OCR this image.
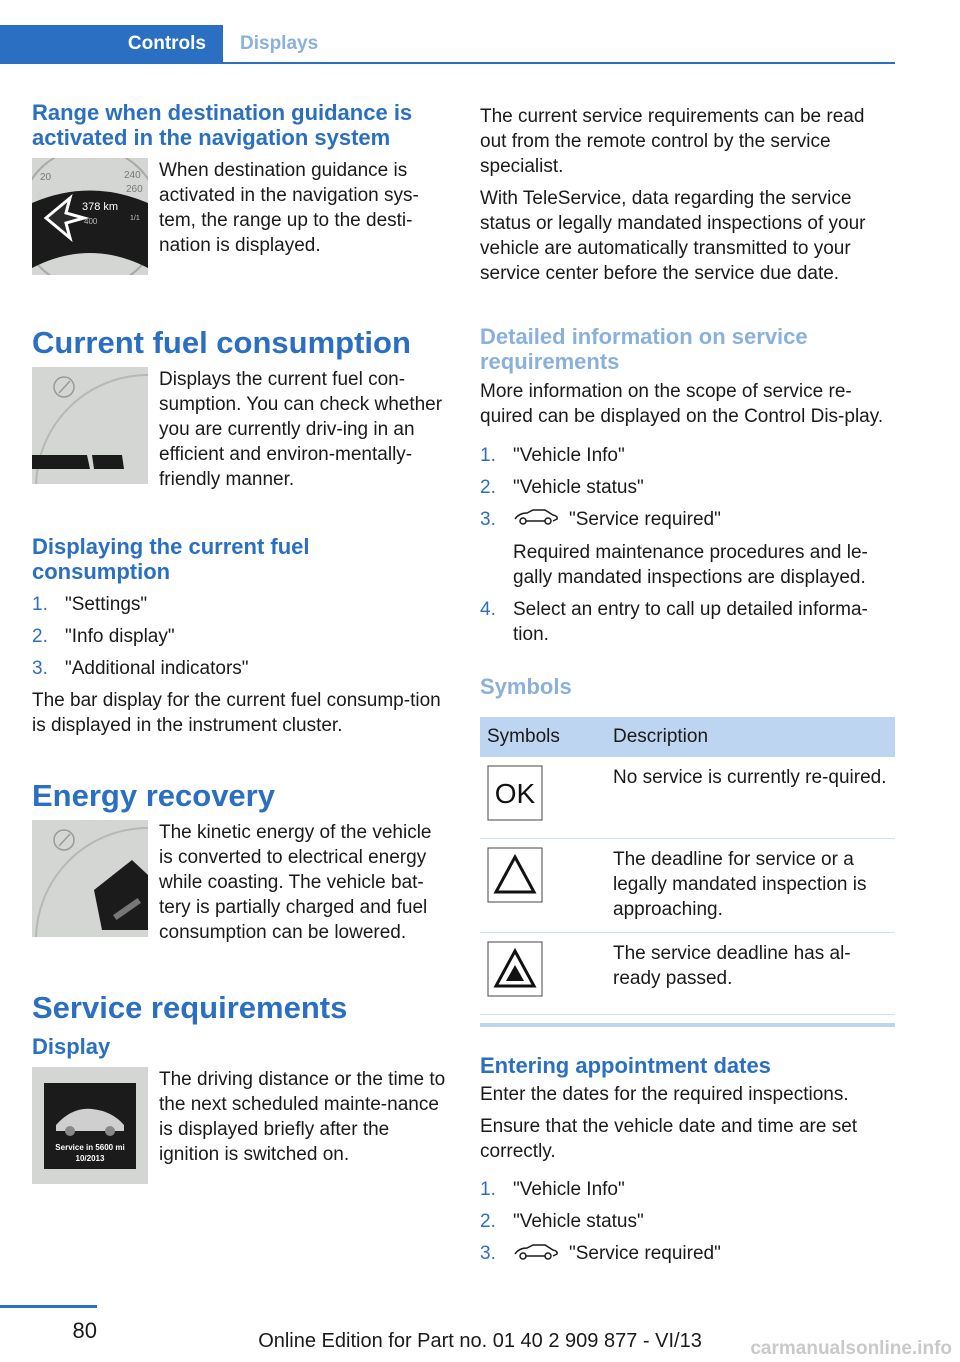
Controls	Displays
Range when destination guidance is activated in the navigation system
20	240
260
378 km
400
0
1/1

When destination guidance is activated in the navigation sys-tem, the range up to the desti-nation is displayed.

Current fuel consumption

Displays the current fuel con-sumption. You can check whether you are currently driv-ing in an efficient and environ-mentally-friendly manner.

Displaying the current fuel consumption
1. "Settings"
2. "Info display"
3. "Additional indicators"

The bar display for the current fuel consump-tion is displayed in the instrument cluster.

Energy recovery

The kinetic energy of the vehicle is converted to electrical energy while coasting. The vehicle bat-tery is partially charged and fuel consumption can be lowered.

Service requirements
Display
Service in 5600 mi
10/2013

The driving distance or the time to the next scheduled mainte-nance is displayed briefly after the ignition is switched on.

The current service requirements can be read out from the remote control by the service specialist.

With TeleService, data regarding the service status or legally mandated inspections of your vehicle are automatically transmitted to your service center before the service due date.

Detailed information on service requirements

More information on the scope of service re-quired can be displayed on the Control Dis-play.

1. "Vehicle Info"
2. "Vehicle status"
3.	"Service required"
Required maintenance procedures and le-gally mandated inspections are displayed.
4. Select an entry to call up detailed informa-tion.
Symbols
Symbols	Description

OK	No service is currently re-quired.
	The deadline for service or a legally mandated inspection is approaching.
	The service deadline has al-ready passed.
Entering appointment dates

Enter the dates for the required inspections.

Ensure that the vehicle date and time are set correctly.

1. "Vehicle Info"
2. "Vehicle status"
3.	"Service required"
80	Online Edition for Part no. 01 40 2 909 877 - VI/13	carmanualsonline.info
